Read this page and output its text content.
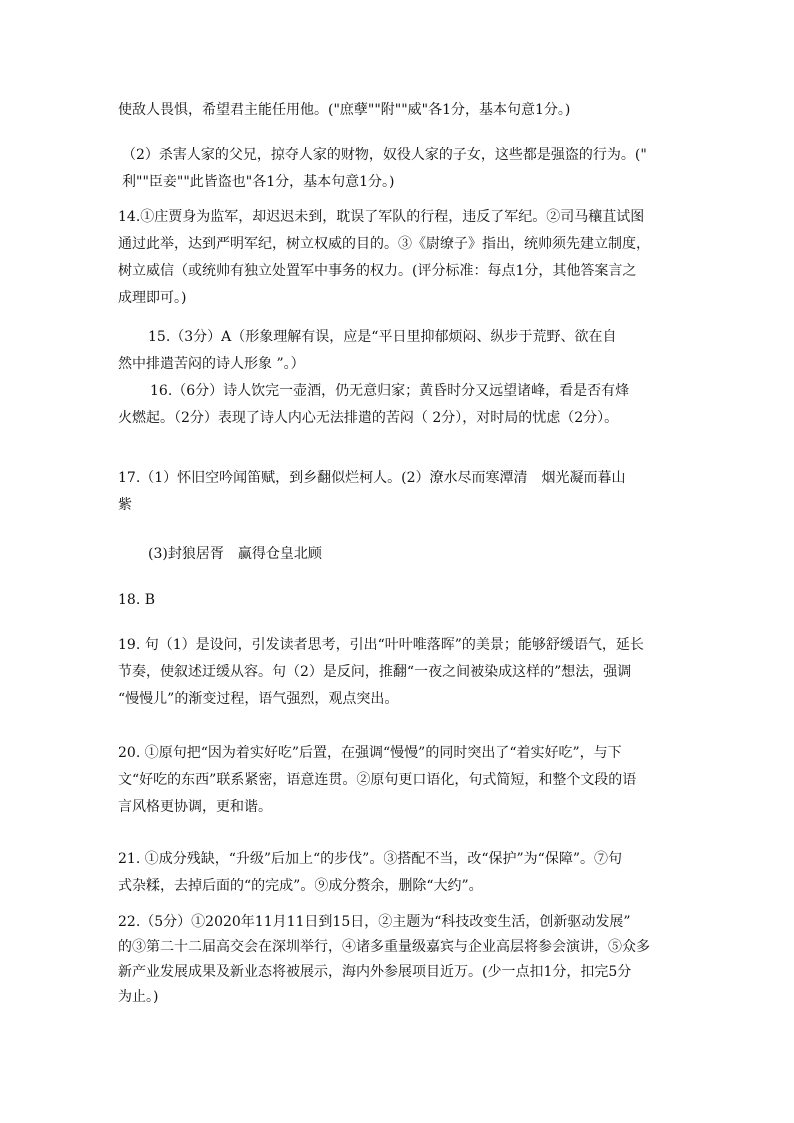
使敌人畏惧，希望君主能任用他。("庶孽""附""威"各1分，基本句意1分。)

（2）杀害人家的父兄，掠夺人家的财物，奴役人家的子女，这些都是强盗的行为。("
利""臣妾""此皆盗也"各1分，基本句意1分。)

14.①庄贾身为监军，却迟迟未到，耽误了军队的行程，违反了军纪。②司马穰苴试图
通过此举，达到严明军纪，树立权威的目的。③《尉缭子》指出，统帅须先建立制度，
树立威信（或统帅有独立处置军中事务的权力。(评分标准：每点1分，其他答案言之
成理即可。)

15.（3分）A（形象理解有误，应是“平日里抑郁烦闷、纵步于荒野、欲在自
然中排遣苦闷的诗人形象 ”。）

16.（6分）诗人饮完一壶酒，仍无意归家；黄昏时分又远望诸峰，看是否有烽
火燃起。（2分）表现了诗人内心无法排遣的苦闷（ 2分），对时局的忧虑（2分）。

17.（1）怀旧空吟闻笛赋，到乡翻似烂柯人。(2）潦水尽而寒潭清　烟光凝而暮山
紫

(3)封狼居胥　赢得仓皇北顾

18. B

19. 句（1）是设问，引发读者思考，引出“叶叶唯落晖”的美景；能够舒缓语气，延长
节奏，使叙述迂缓从容。句（2）是反问，推翻“一夜之间被染成这样的”想法，强调
“慢慢儿”的渐变过程，语气强烈，观点突出。

20. ①原句把“因为着实好吃”后置，在强调“慢慢”的同时突出了“着实好吃”，与下
文“好吃的东西”联系紧密，语意连贯。②原句更口语化，句式简短，和整个文段的语
言风格更协调，更和谐。

21. ①成分残缺，“升级”后加上“的步伐”。③搭配不当，改“保护”为“保障”。⑦句
式杂糅，去掉后面的“的完成”。⑨成分赘余，删除“大约”。

22.（5分）①2020年11月11日到15日，②主题为“科技改变生活，创新驱动发展”
的③第二十二届高交会在深圳举行，④诸多重量级嘉宾与企业高层将参会演讲，⑤众多
新产业发展成果及新业态将被展示，海内外参展项目近万。(少一点扣1分，扣完5分
为止。)
